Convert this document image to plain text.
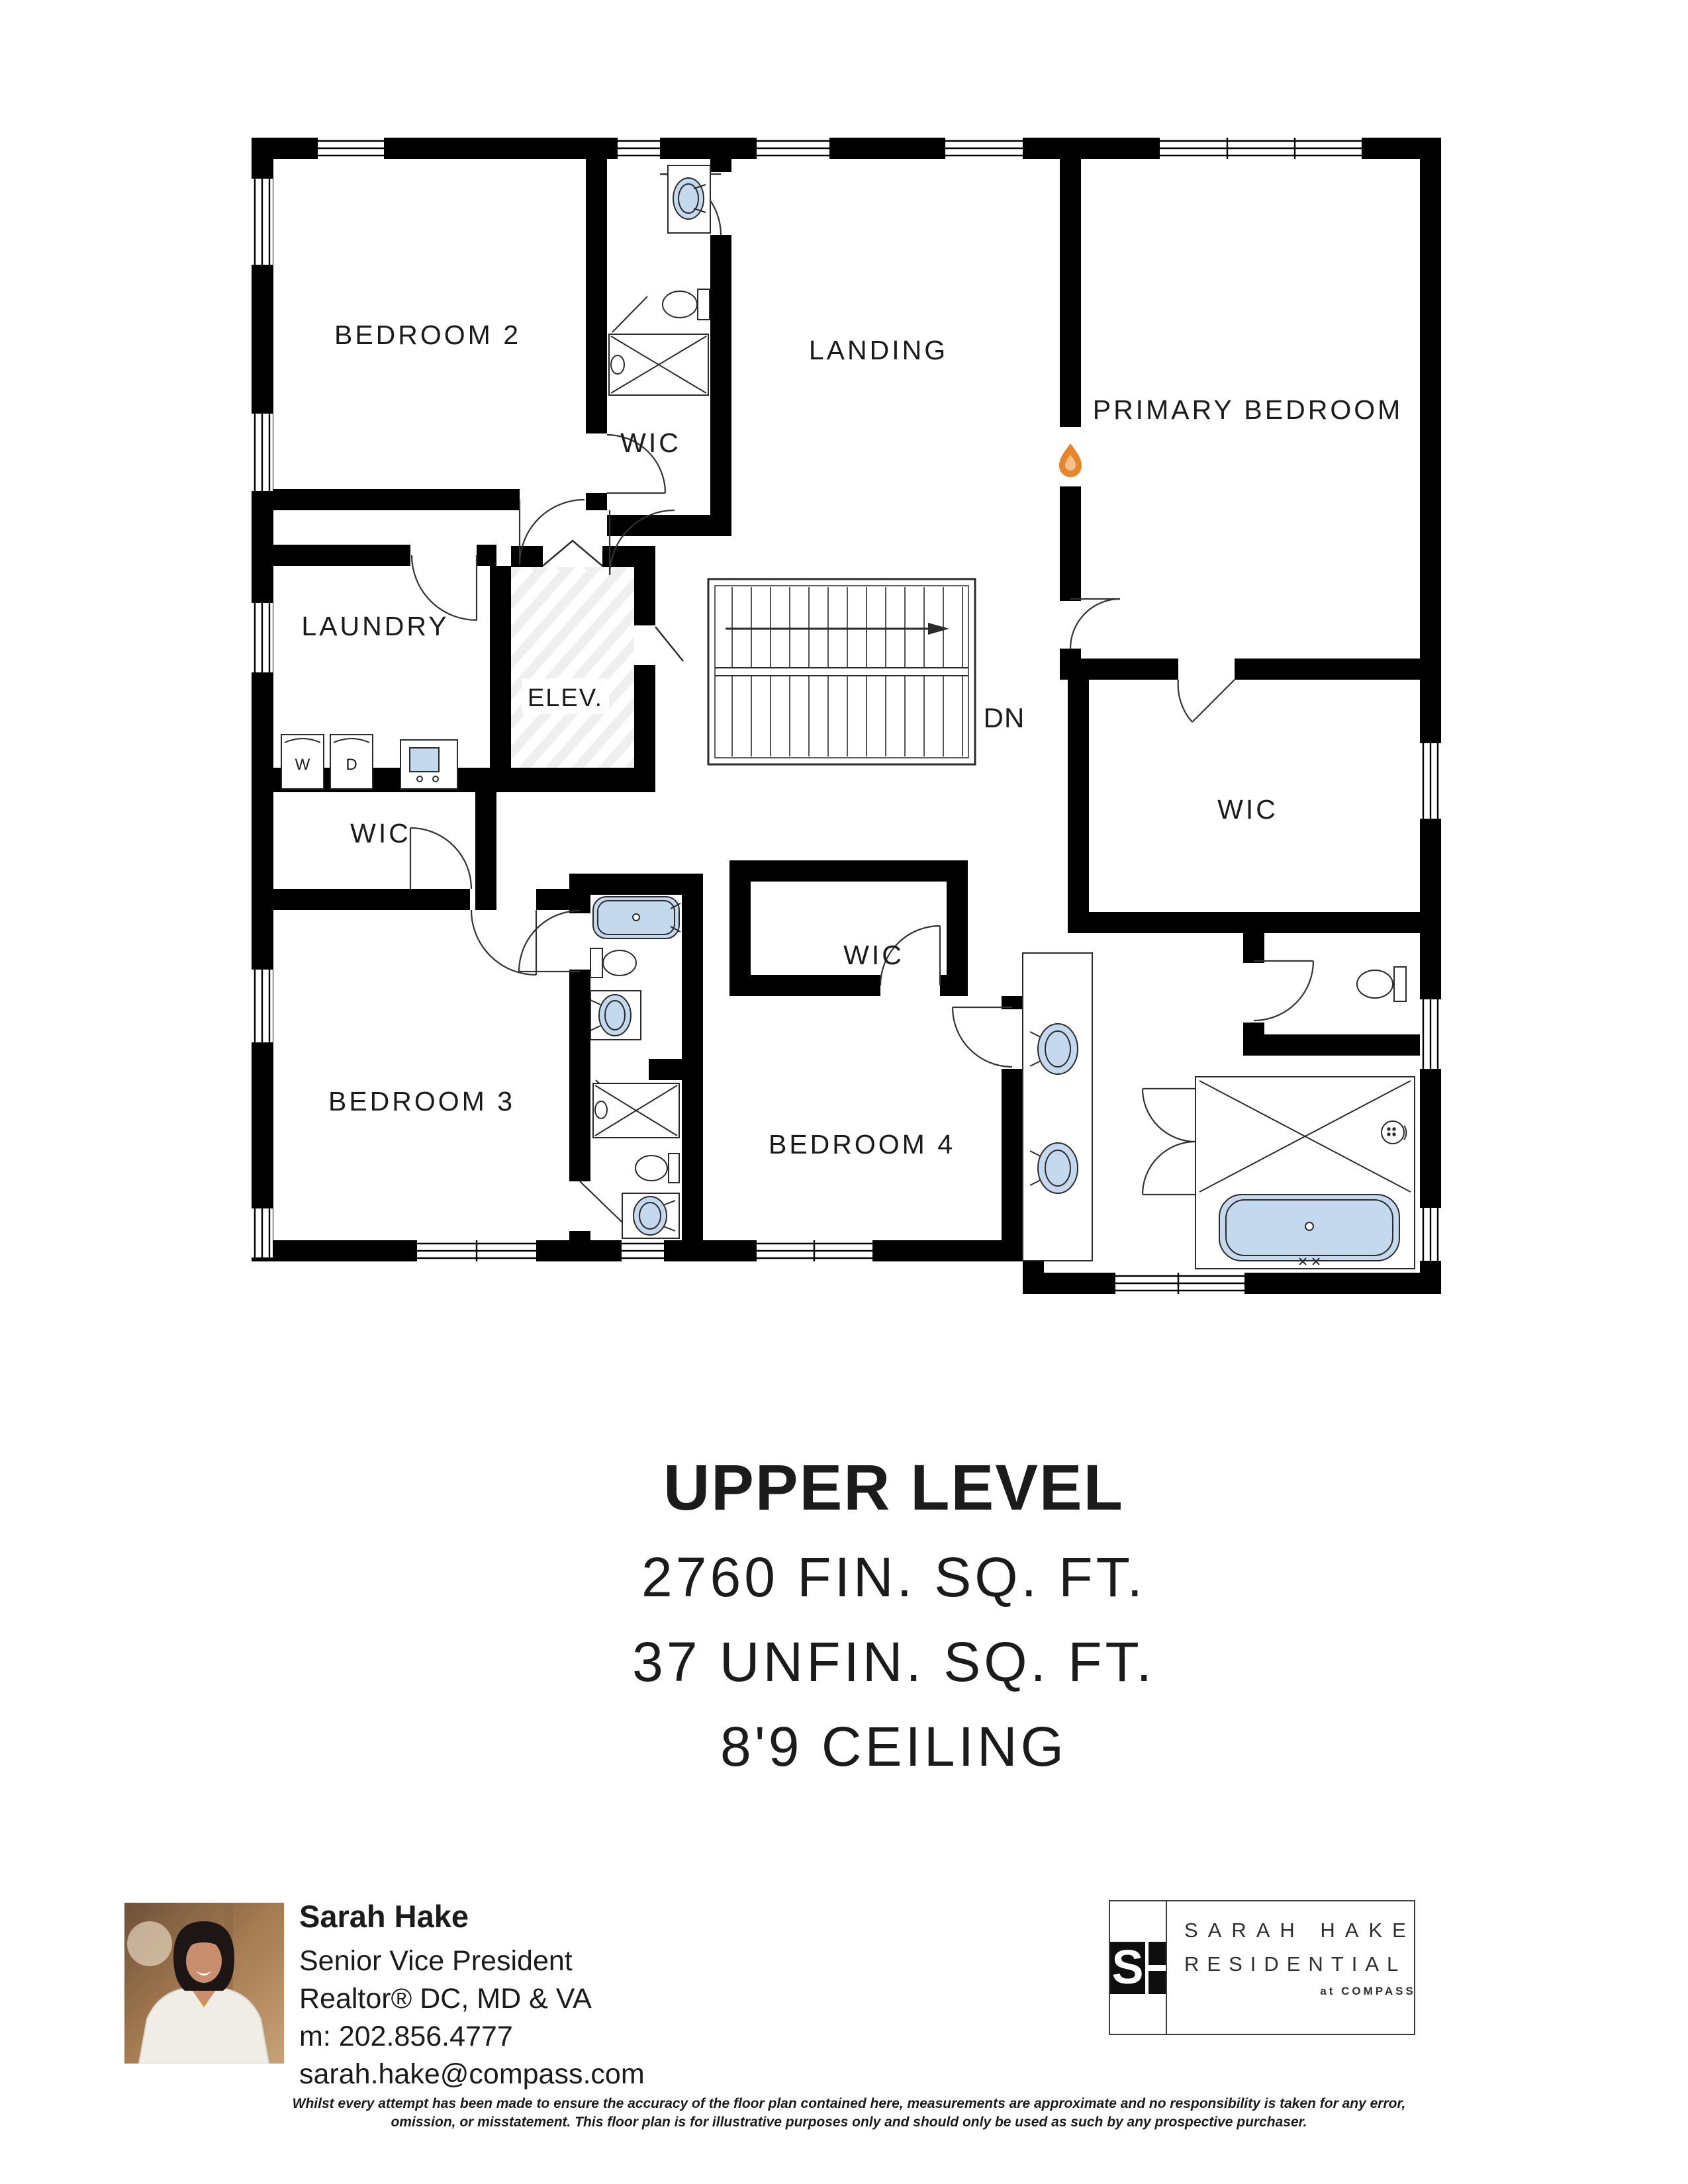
BEDROOM 2
WIC
LANDING
PRIMARY BEDROOM
LAUNDRY
ELEV.
DN
WIC
WIC
WIC
BEDROOM 3
BEDROOM 4
W D
UPPER LEVEL
2760 FIN. SQ. FT.
37 UNFIN. SQ. FT.
8'9 CEILING
Sarah Hake
Senior Vice President
Realtor® DC, MD & VA
m: 202.856.4777
sarah.hake@compass.com
S
SARAH HAKE
RESIDENTIAL
at COMPASS
Whilst every attempt has been made to ensure the accuracy of the floor plan contained here, measurements are approximate and no responsibility is taken for any error,
omission, or misstatement. This floor plan is for illustrative purposes only and should only be used as such by any prospective purchaser.
